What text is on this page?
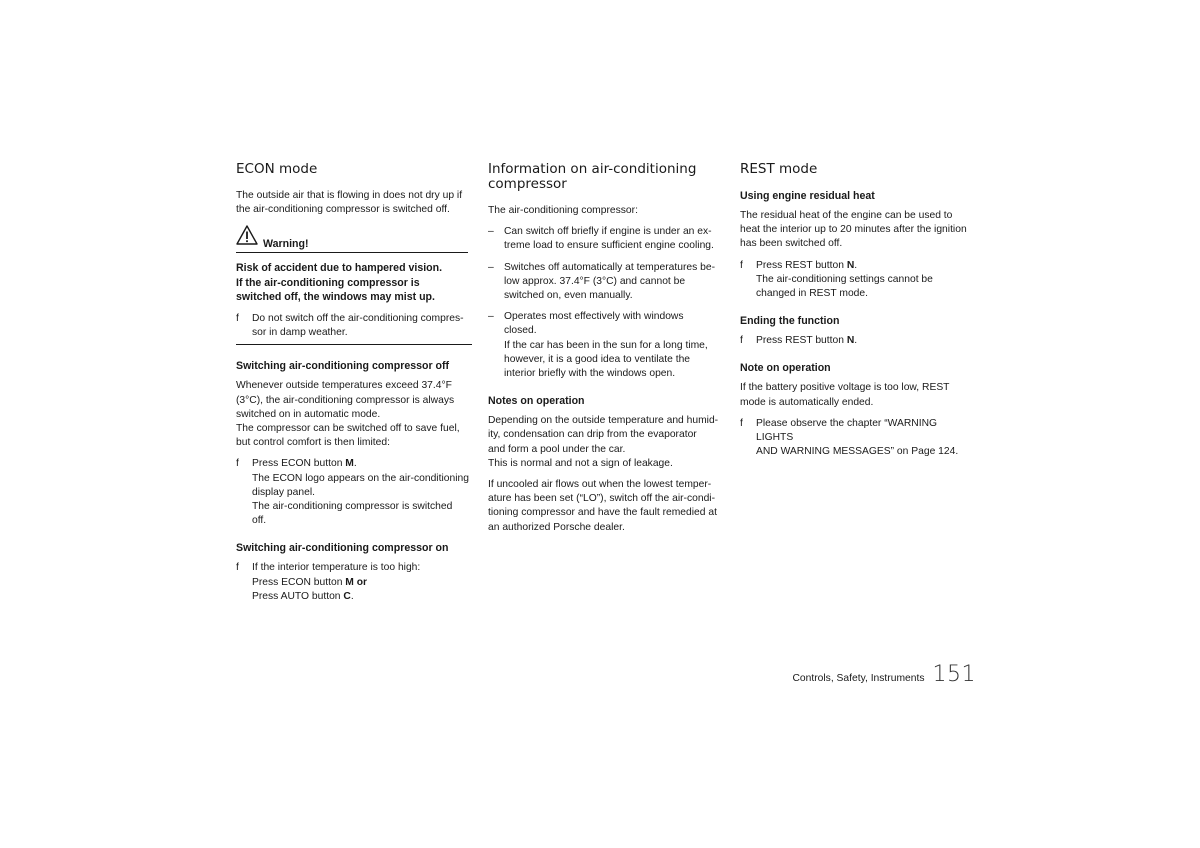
ECON mode

The outside air that is flowing in does not dry up if
the air-conditioning compressor is switched off.

Warning!

Risk of accident due to hampered vision.
If the air-conditioning compressor is
switched off, the windows may mist up.

f Do not switch off the air-conditioning compres-
sor in damp weather.
Switching air-conditioning compressor off

Whenever outside temperatures exceed 37.4°F
(3°C), the air-conditioning compressor is always
switched on in automatic mode.
The compressor can be switched off to save fuel,
but control comfort is then limited:

f Press ECON button M.
The ECON logo appears on the air-conditioning
display panel.
The air-conditioning compressor is switched
off.
Switching air-conditioning compressor on
f If the interior temperature is too high:
Press ECON button M or
Press AUTO button C.
Information on air-conditioning
compressor

The air-conditioning compressor:

– Can switch off briefly if engine is under an ex-
treme load to ensure sufficient engine cooling.
– Switches off automatically at temperatures be-
low approx. 37.4°F (3°C) and cannot be
switched on, even manually.
– Operates most effectively with windows
closed.
If the car has been in the sun for a long time,
however, it is a good idea to ventilate the
interior briefly with the windows open.
Notes on operation

Depending on the outside temperature and humid-
ity, condensation can drip from the evaporator
and form a pool under the car.
This is normal and not a sign of leakage.

If uncooled air flows out when the lowest temper-
ature has been set (“LO”), switch off the air-condi-
tioning compressor and have the fault remedied at
an authorized Porsche dealer.

REST mode
Using engine residual heat

The residual heat of the engine can be used to
heat the interior up to 20 minutes after the ignition
has been switched off.

f Press REST button N.
The air-conditioning settings cannot be
changed in REST mode.
Ending the function
f Press REST button N.
Note on operation

If the battery positive voltage is too low, REST
mode is automatically ended.

f Please observe the chapter “WARNING LIGHTS
AND WARNING MESSAGES” on Page 124.
Controls, Safety, Instruments 151
